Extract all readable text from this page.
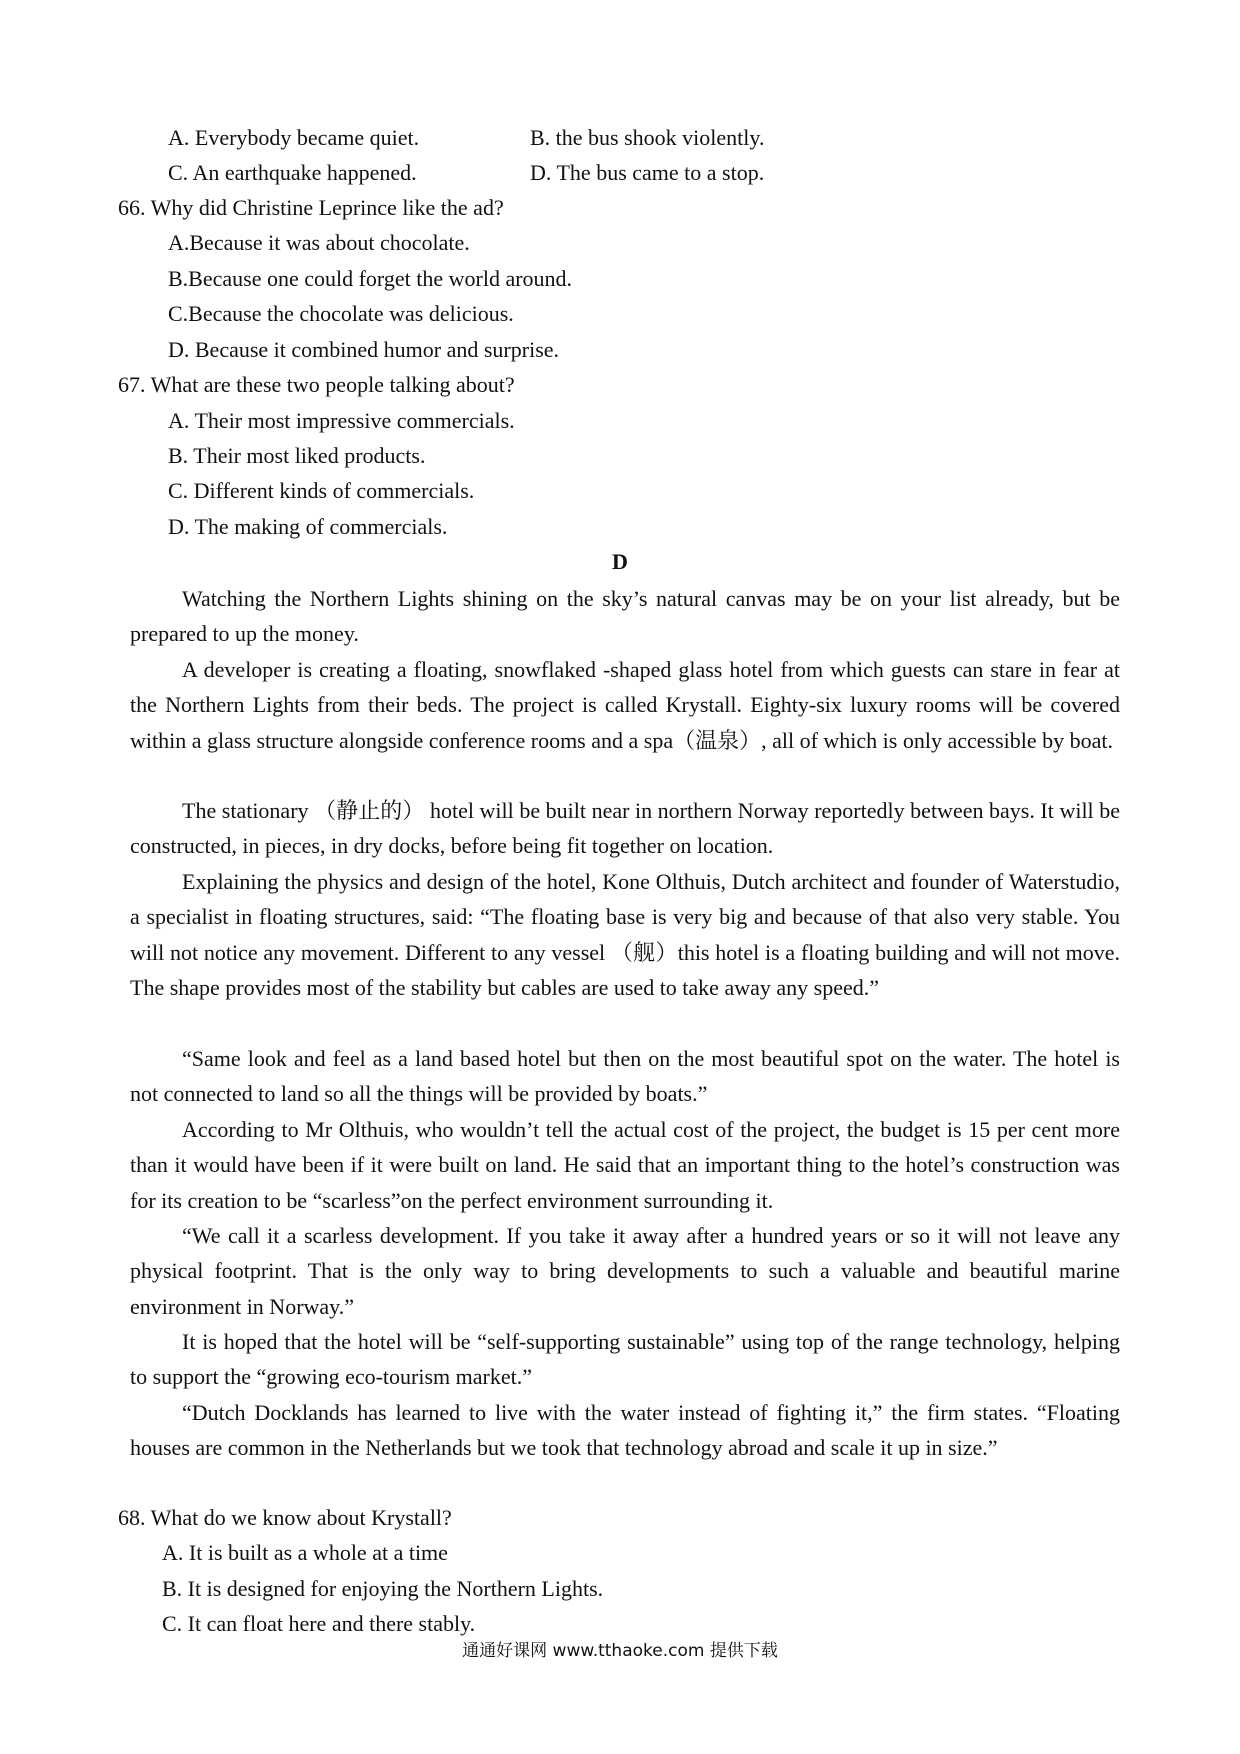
A. Everybody became quiet.	B. the bus shook violently.
C. An earthquake happened.	D. The bus came to a stop.
66. Why did Christine Leprince like the ad?
A.Because it was about chocolate.
B.Because one could forget the world around.
C.Because the chocolate was delicious.
D. Because it combined humor and surprise.
67. What are these two people talking about?
A. Their most impressive commercials.
B. Their most liked products.
C. Different kinds of commercials.
D. The making of commercials.
D
Watching the Northern Lights shining on the sky’s natural canvas may be on your list already, but be prepared to up the money.
A developer is creating a floating, snowflaked -shaped glass hotel from which guests can stare in fear at the Northern Lights from their beds. The project is called Krystall. Eighty-six luxury rooms will be covered within a glass structure alongside conference rooms and a spa（温泉）, all of which is only accessible by boat.
The stationary （静止的） hotel will be built near in northern Norway reportedly between bays. It will be constructed, in pieces, in dry docks, before being fit together on location.
Explaining the physics and design of the hotel, Kone Olthuis, Dutch architect and founder of Waterstudio, a specialist in floating structures, said: “The floating base is very big and because of that also very stable. You will not notice any movement. Different to any vessel （舰）this hotel is a floating building and will not move. The shape provides most of the stability but cables are used to take away any speed.”
“Same look and feel as a land based hotel but then on the most beautiful spot on the water. The hotel is not connected to land so all the things will be provided by boats.”
According to Mr Olthuis, who wouldn’t tell the actual cost of the project, the budget is 15 per cent more than it would have been if it were built on land. He said that an important thing to the hotel’s construction was for its creation to be “scarless”on the perfect environment surrounding it.
“We call it a scarless development. If you take it away after a hundred years or so it will not leave any physical footprint. That is the only way to bring developments to such a valuable and beautiful marine environment in Norway.”
It is hoped that the hotel will be “self-supporting sustainable” using top of the range technology, helping to support the “growing eco-tourism market.”
“Dutch Docklands has learned to live with the water instead of fighting it,” the firm states. “Floating houses are common in the Netherlands but we took that technology abroad and scale it up in size.”
68. What do we know about Krystall?
A. It is built as a whole at a time
B. It is designed for enjoying the Northern Lights.
C. It can float here and there stably.
通通好课网 www.tthaoke.com 提供下载
